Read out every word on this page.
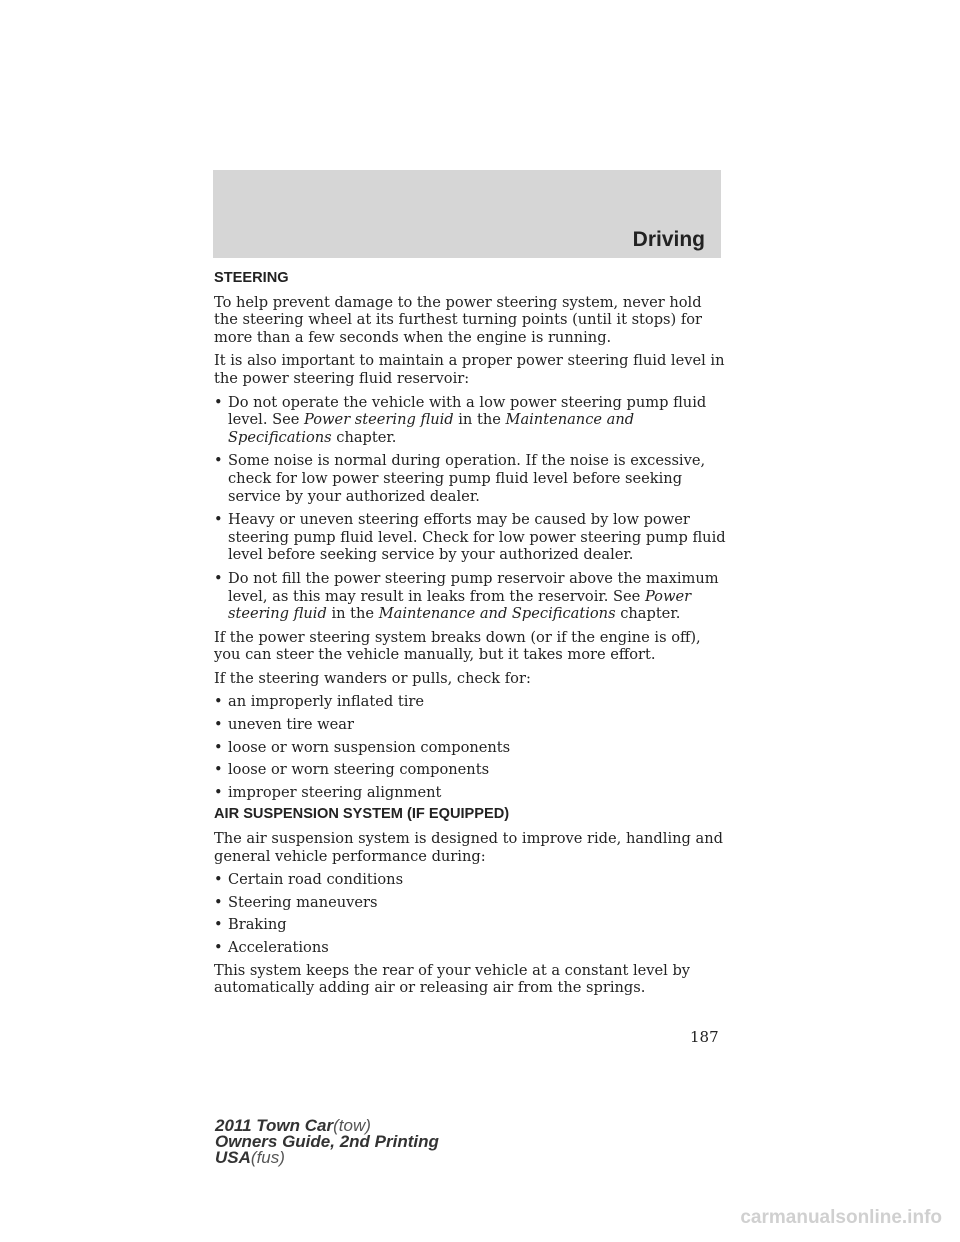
Driving
STEERING

To help prevent damage to the power steering system, never hold the steering wheel at its furthest turning points (until it stops) for more than a few seconds when the engine is running.

It is also important to maintain a proper power steering fluid level in the power steering fluid reservoir:

• Do not operate the vehicle with a low power steering pump fluid level. See Power steering fluid in the Maintenance and Specifications chapter.
• Some noise is normal during operation. If the noise is excessive, check for low power steering pump fluid level before seeking service by your authorized dealer.
• Heavy or uneven steering efforts may be caused by low power steering pump fluid level. Check for low power steering pump fluid level before seeking service by your authorized dealer.
• Do not fill the power steering pump reservoir above the maximum level, as this may result in leaks from the reservoir. See Power steering fluid in the Maintenance and Specifications chapter.

If the power steering system breaks down (or if the engine is off), you can steer the vehicle manually, but it takes more effort.

If the steering wanders or pulls, check for:

• an improperly inflated tire
• uneven tire wear
• loose or worn suspension components
• loose or worn steering components
• improper steering alignment
AIR SUSPENSION SYSTEM (IF EQUIPPED)

The air suspension system is designed to improve ride, handling and general vehicle performance during:

• Certain road conditions
• Steering maneuvers
• Braking
• Accelerations

This system keeps the rear of your vehicle at a constant level by automatically adding air or releasing air from the springs.

187
2011 Town Car(tow)
Owners Guide, 2nd Printing
USA(fus)
carmanualsonline.info
